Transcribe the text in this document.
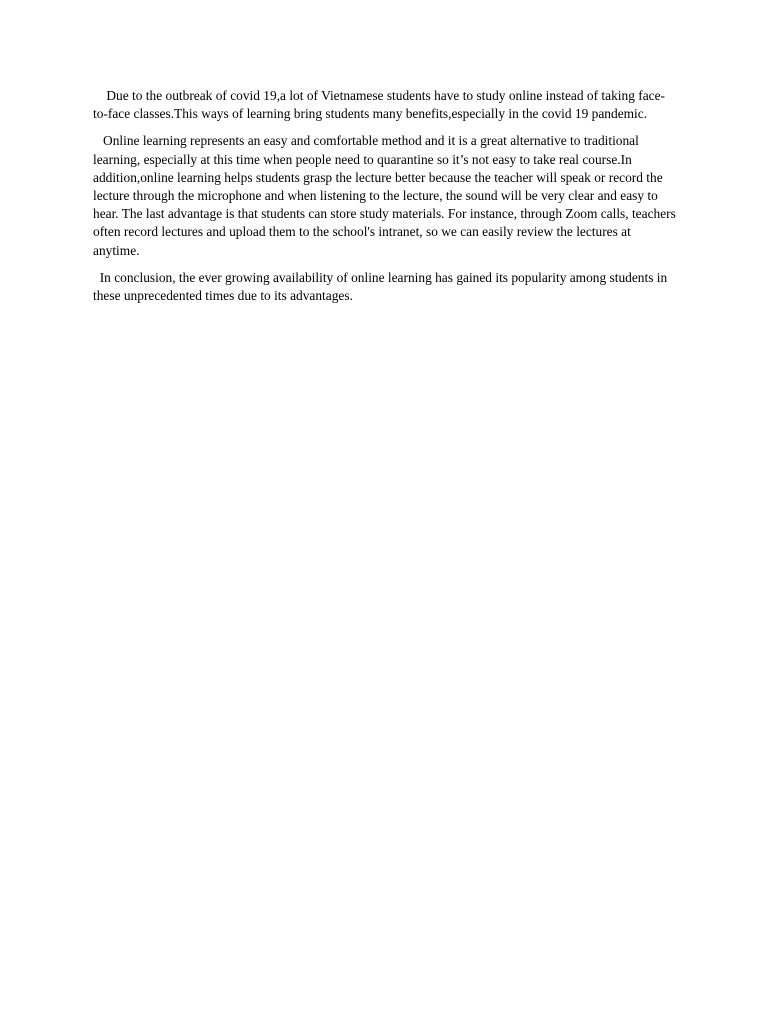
Due to the outbreak of covid 19,a lot of Vietnamese students have to study online instead of taking face-to-face classes.This ways of learning bring students many benefits,especially in the covid 19 pandemic.

Online learning represents an easy and comfortable method and it is a great alternative to traditional learning, especially at this time when people need to quarantine so it’s not easy to take real course.In addition,online learning helps students grasp the lecture better because the teacher will speak or record the lecture through the microphone and when listening to the lecture, the sound will be very clear and easy to hear. The last advantage is that students can store study materials. For instance, through Zoom calls, teachers often record lectures and upload them to the school's intranet, so we can easily review the lectures at anytime.

In conclusion, the ever growing availability of online learning has gained its popularity among students in these unprecedented times due to its advantages.
